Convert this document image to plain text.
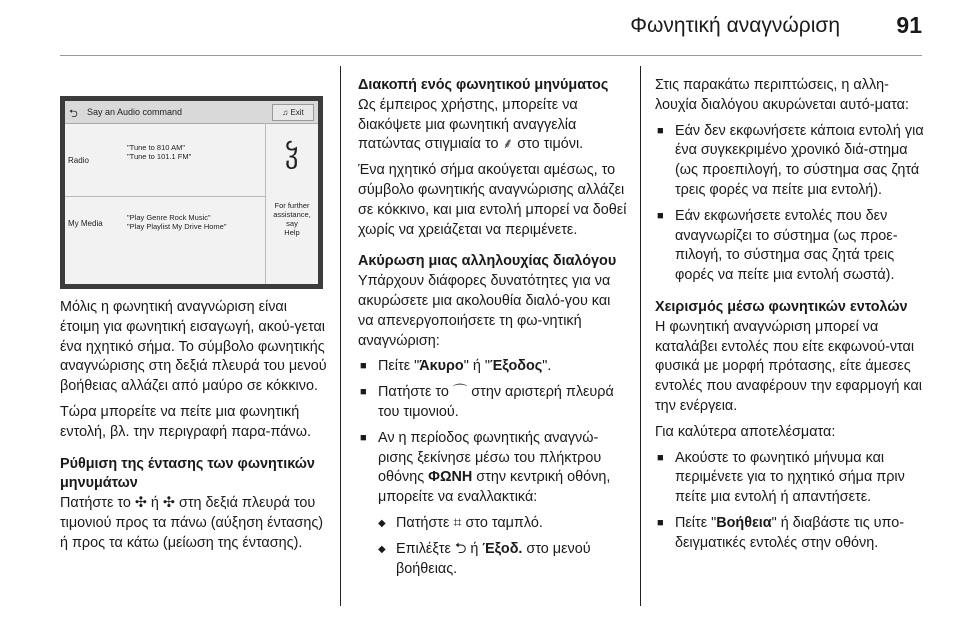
Φωνητική αναγνώριση 91
⮌ Say an Audio command	♫ Exit
Radio
"Tune to 810 AM"
"Tune to 101.1 FM"
My Media
"Play Genre Rock Music"
"Play Playlist My Drive Home"
ჴ
For further
assistance, say
Help

Μόλις η φωνητική αναγνώριση είναι έτοιμη για φωνητική εισαγωγή, ακού-γεται ένα ηχητικό σήμα. Το σύμβολο φωνητικής αναγνώρισης στη δεξιά πλευρά του μενού βοήθειας αλλάζει από μαύρο σε κόκκινο.

Τώρα μπορείτε να πείτε μια φωνητική εντολή, βλ. την περιγραφή παρα-πάνω.

Ρύθμιση της έντασης των φωνητικών μηνυμάτων

Πατήστε το ✣ ή ✣ στη δεξιά πλευρά του τιμονιού προς τα πάνω (αύξηση έντασης) ή προς τα κάτω (μείωση της έντασης).

Διακοπή ενός φωνητικού μηνύματος

Ως έμπειρος χρήστης, μπορείτε να διακόψετε μια φωνητική αναγγελία πατώντας στιγμιαία το ⸙ στο τιμόνι.

Ένα ηχητικό σήμα ακούγεται αμέσως, το σύμβολο φωνητικής αναγνώρισης αλλάζει σε κόκκινο, και μια εντολή μπορεί να δοθεί χωρίς να χρειάζεται να περιμένετε.

Ακύρωση μιας αλληλουχίας διαλόγου

Υπάρχουν διάφορες δυνατότητες για να ακυρώσετε μια ακολουθία διαλό-γου και να απενεργοποιήσετε τη φω-νητική αναγνώριση:

■ Πείτε "Άκυρο" ή "Έξοδος".
■ Πατήστε το ⌒ στην αριστερή πλευρά του τιμονιού.
■ Αν η περίοδος φωνητικής αναγνώ-ρισης ξεκίνησε μέσω του πλήκτρου οθόνης ΦΩΝΗ στην κεντρική οθόνη, μπορείτε να εναλλακτικά:
◆ Πατήστε ⌗ στο ταμπλό.
◆ Επιλέξτε ⮌ ή Έξοδ. στο μενού βοήθειας.

Στις παρακάτω περιπτώσεις, η αλλη-λουχία διαλόγου ακυρώνεται αυτό-ματα:

■ Εάν δεν εκφωνήσετε κάποια εντολή για ένα συγκεκριμένο χρονικό διά-στημα (ως προεπιλογή, το σύστημα σας ζητά τρεις φορές να πείτε μια εντολή).
■ Εάν εκφωνήσετε εντολές που δεν αναγνωρίζει το σύστημα (ως προε-πιλογή, το σύστημα σας ζητά τρεις φορές να πείτε μια εντολή σωστά).
Χειρισμός μέσω φωνητικών εντολών

Η φωνητική αναγνώριση μπορεί να καταλάβει εντολές που είτε εκφωνού-νται φυσικά με μορφή πρότασης, είτε άμεσες εντολές που αναφέρουν την εφαρμογή και την ενέργεια.

Για καλύτερα αποτελέσματα:

■ Ακούστε το φωνητικό μήνυμα και περιμένετε για το ηχητικό σήμα πριν πείτε μια εντολή ή απαντήσετε.
■ Πείτε "Βοήθεια" ή διαβάστε τις υπο-δειγματικές εντολές στην οθόνη.
